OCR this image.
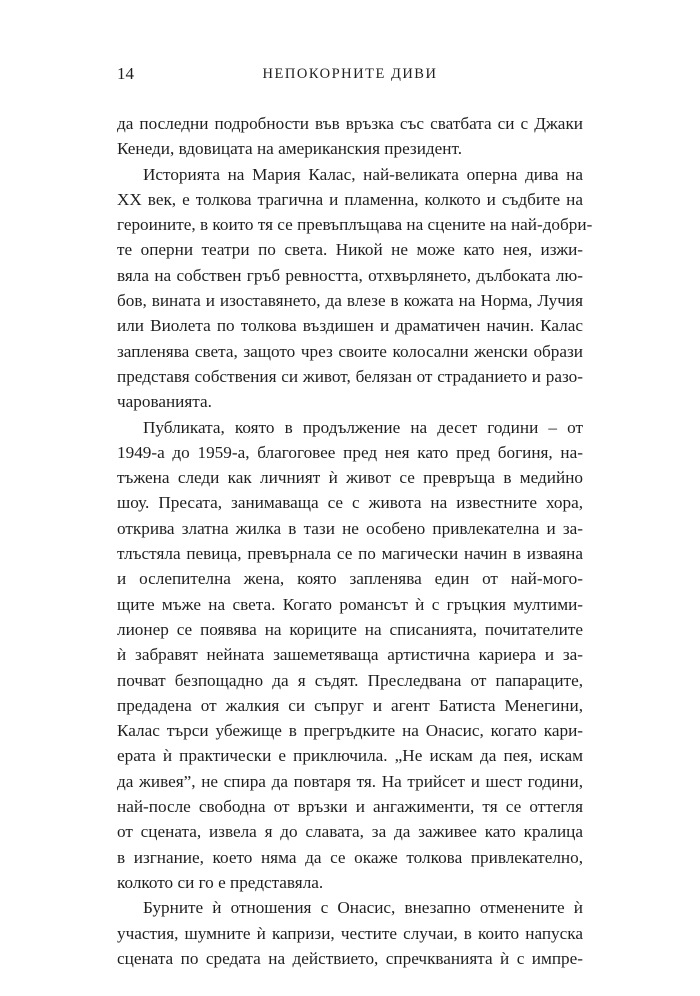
14	НЕПОКОРНИТЕ ДИВИ
да последни подробности във връзка със сватбата си с Джаки
Кенеди, вдовицата на американския президент.
Историята на Мария Калас, най-великата оперна дива на
XX век, е толкова трагична и пламенна, колкото и съдбите на
героините, в които тя се превъплъщава на сцените на най-добри-
те оперни театри по света. Никой не може като нея, изжи-
вяла на собствен гръб ревността, отхвърлянето, дълбоката лю-
бов, вината и изоставянето, да влезе в кожата на Норма, Лучия
или Виолета по толкова въздишен и драматичен начин. Калас
запленява света, защото чрез своите колосални женски образи
представя собствения си живот, белязан от страданието и разо-
чарованията.
Публиката, която в продължение на десет години – от
1949-а до 1959-а, благоговее пред нея като пред богиня, на-
тъжена следи как личният ѝ живот се превръща в медийно
шоу. Пресата, занимаваща се с живота на известните хора,
открива златна жилка в тази не особено привлекателна и за-
тлъстяла певица, превърнала се по магически начин в изваяна
и ослепителна жена, която запленява един от най-мого-
щите мъже на света. Когато романсът ѝ с гръцкия мултими-
лионер се появява на кориците на списанията, почитателите
ѝ забравят нейната зашеметяваща артистична кариера и за-
почват безпощадно да я съдят. Преследвана от папараците,
предадена от жалкия си съпруг и агент Батиста Менегини,
Калас търси убежище в прегръдките на Онасис, когато кари-
ерата ѝ практически е приключила. „Не искам да пея, искам
да живея”, не спира да повтаря тя. На трийсет и шест години,
най-после свободна от връзки и ангажименти, тя се оттегля
от сцената, извела я до славата, за да заживее като кралица
в изгнание, което няма да се окаже толкова привлекателно,
колкото си го е представяла.
Бурните ѝ отношения с Онасис, внезапно отменените ѝ
участия, шумните ѝ капризи, честите случаи, в които напуска
сцената по средата на действието, спречкванията ѝ с импре-
